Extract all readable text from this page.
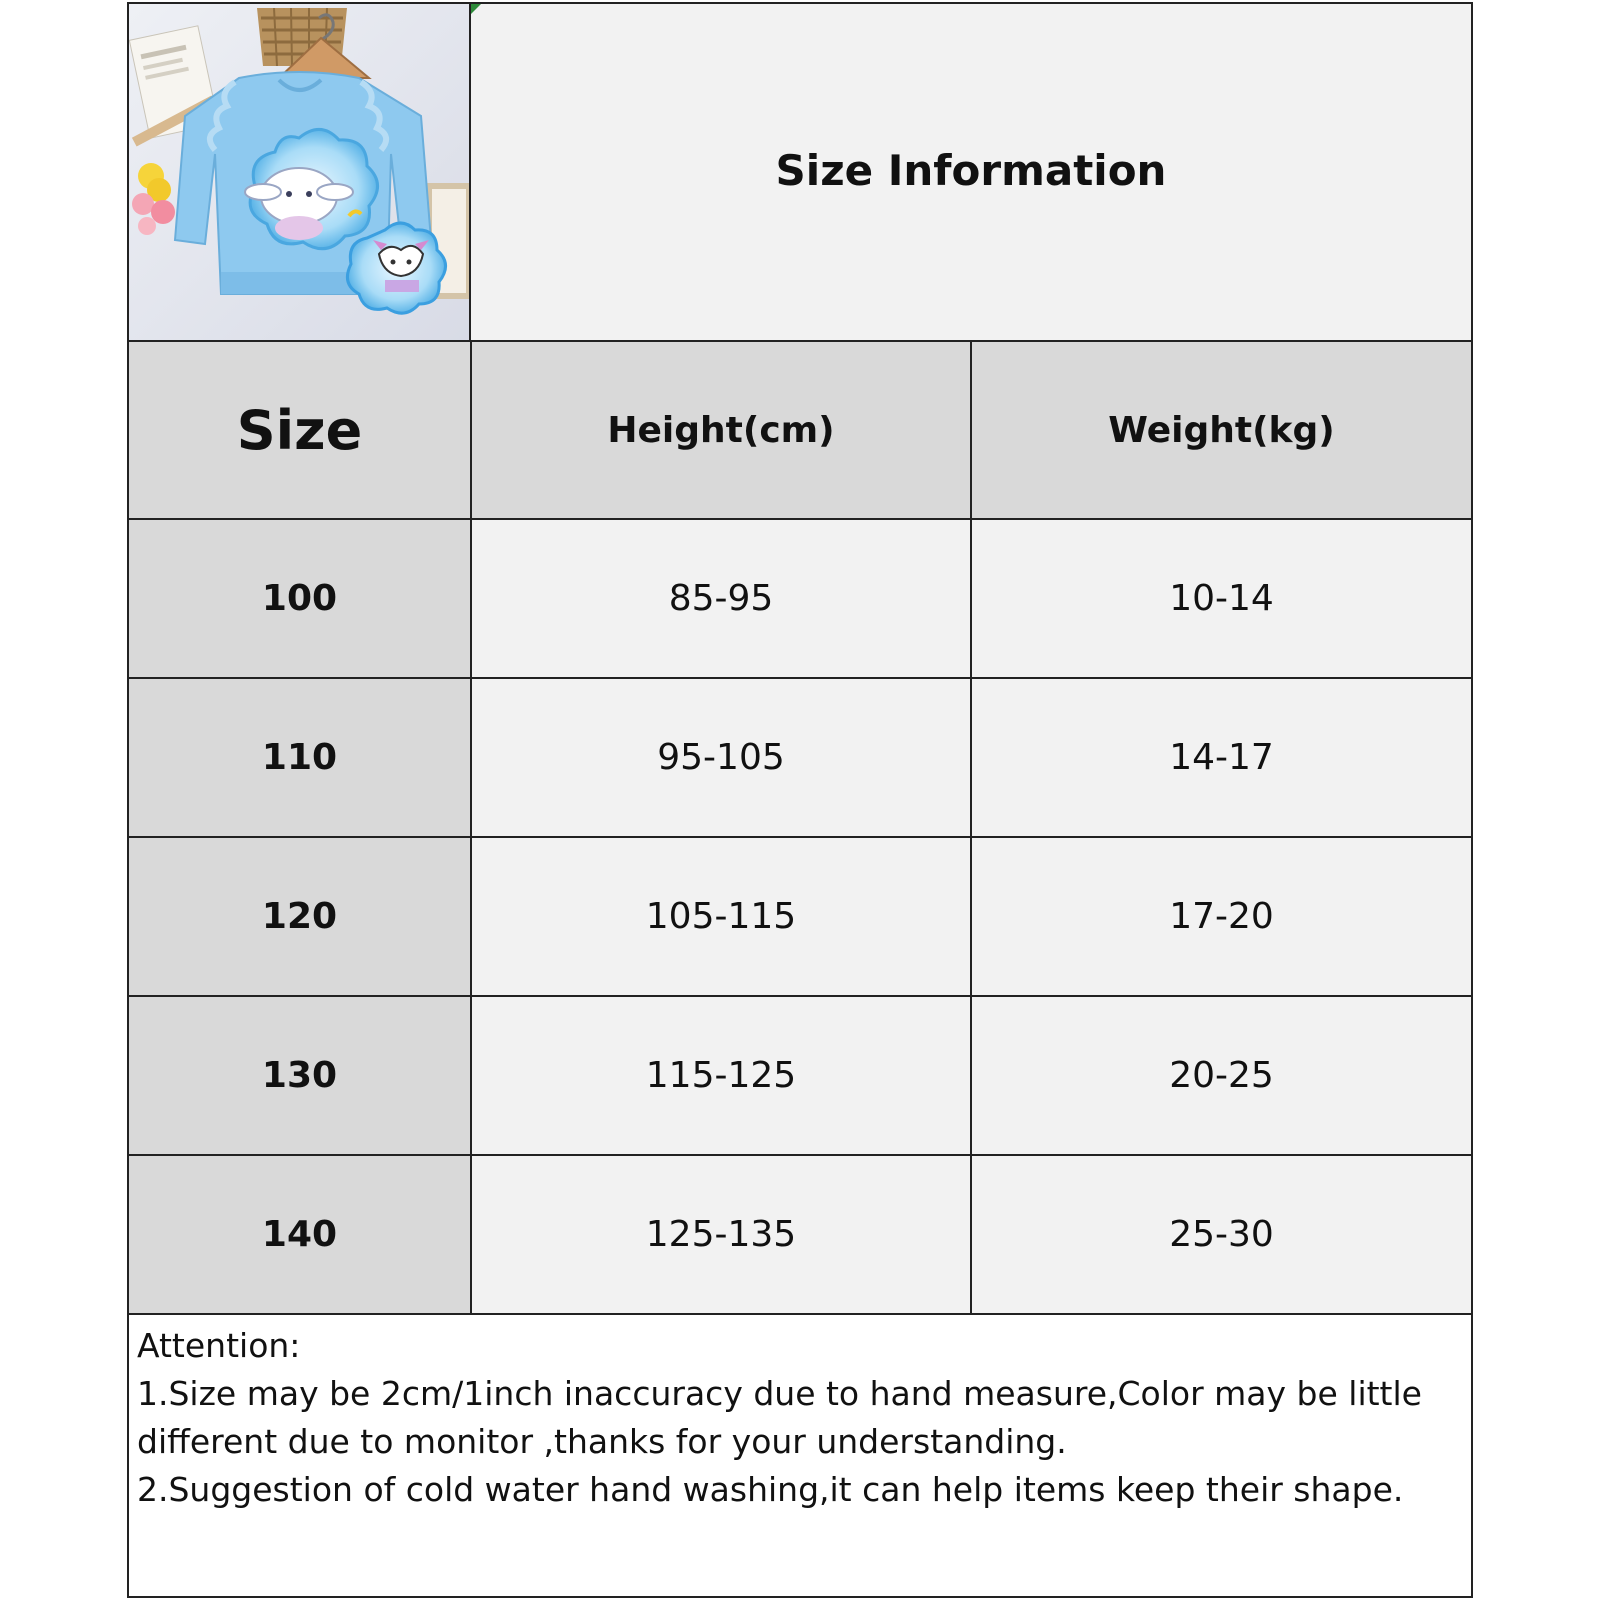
Size Information
Size	Height(cm)	Weight(kg)
100	85-95	10-14
110	95-105	14-17
120	105-115	17-20
130	115-125	20-25
140	125-135	25-30

Attention:

1.Size may be 2cm/1inch inaccuracy due to hand measure,Color may be little different due to monitor ,thanks for your understanding.

2.Suggestion of cold water hand washing,it can help items keep their shape.
